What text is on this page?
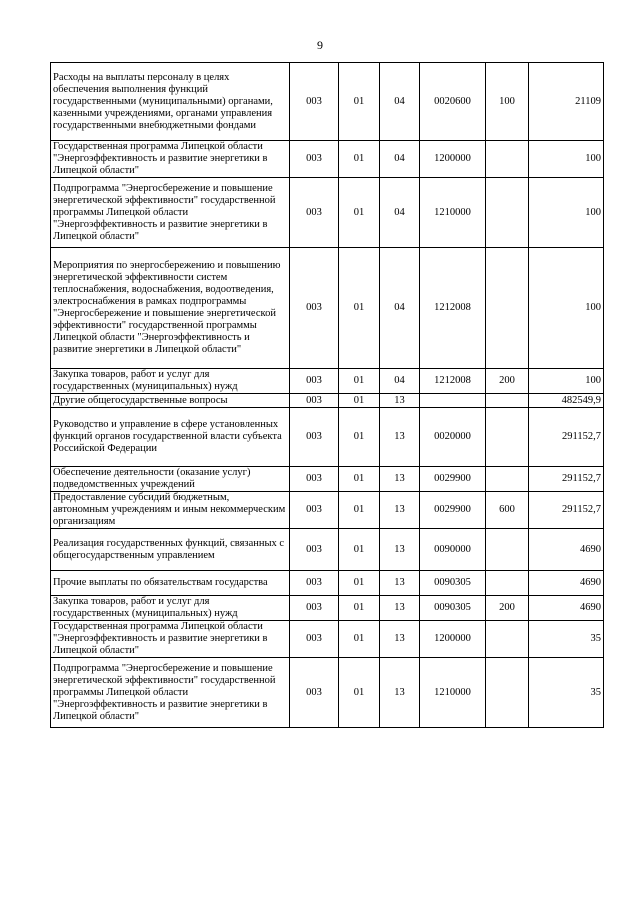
9
Расходы на выплаты персоналу в целях обеспечения выполнения функций государственными (муниципальными) органами, казенными учреждениями, органами управления государственными внебюджетными фондами	003	01	04	0020600	100	21109
Государственная программа Липецкой области "Энергоэффективность и развитие энергетики в Липецкой области"	003	01	04	1200000		100
Подпрограмма "Энергосбережение и повышение энергетической эффективности" государственной программы Липецкой области "Энергоэффективность и развитие энергетики в Липецкой области"	003	01	04	1210000		100
Мероприятия по энергосбережению и повышению энергетической эффективности систем теплоснабжения, водоснабжения, водоотведения, электроснабжения в рамках подпрограммы "Энергосбережение и повышение энергетической эффективности" государственной программы Липецкой области "Энергоэффективность и развитие энергетики в Липецкой области"	003	01	04	1212008		100
Закупка товаров, работ и услуг для государственных (муниципальных) нужд	003	01	04	1212008	200	100
Другие общегосударственные вопросы	003	01	13			482549,9
Руководство и управление в сфере установленных функций органов государственной власти субъекта Российской Федерации	003	01	13	0020000		291152,7
Обеспечение деятельности (оказание услуг) подведомственных учреждений	003	01	13	0029900		291152,7
Предоставление субсидий бюджетным, автономным учреждениям и иным некоммерческим организациям	003	01	13	0029900	600	291152,7
Реализация государственных функций, связанных с общегосударственным управлением	003	01	13	0090000		4690
Прочие выплаты по обязательствам государства	003	01	13	0090305		4690
Закупка товаров, работ и услуг для государственных (муниципальных) нужд	003	01	13	0090305	200	4690
Государственная программа Липецкой области "Энергоэффективность и развитие энергетики в Липецкой области"	003	01	13	1200000		35
Подпрограмма "Энергосбережение и повышение энергетической эффективности" государственной программы Липецкой области "Энергоэффективность и развитие энергетики в Липецкой области"	003	01	13	1210000		35
